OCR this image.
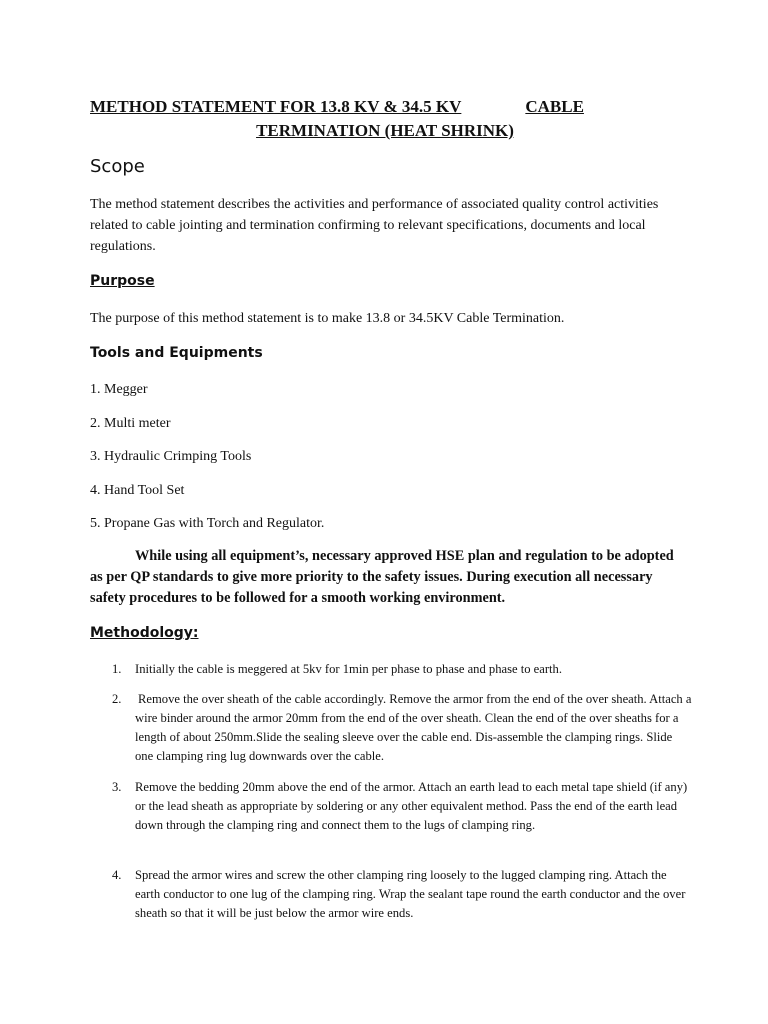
METHOD STATEMENT FOR 13.8 KV & 34.5 KV	CABLE
TERMINATION (HEAT SHRINK)
Scope

The method statement describes the activities and performance of associated quality control activities related to cable jointing and termination confirming to relevant specifications, documents and local regulations.

Purpose

The purpose of this method statement is to make 13.8 or 34.5KV Cable Termination.

Tools and Equipments
1. Megger
2. Multi meter
3. Hydraulic Crimping Tools
4. Hand Tool Set
5. Propane Gas with Torch and Regulator.

While using all equipment’s, necessary approved HSE plan and regulation to be adopted as per QP standards to give more priority to the safety issues. During execution all necessary safety procedures to be followed for a smooth working environment.

Methodology:
1.	Initially the cable is meggered at 5kv for 1min per phase to phase and phase to earth.
2.	Remove the over sheath of the cable accordingly. Remove the armor from the end of the over sheath. Attach a wire binder around the armor 20mm from the end of the over sheath. Clean the end of the over sheaths for a length of about 250mm.Slide the sealing sleeve over the cable end. Dis-assemble the clamping rings. Slide one clamping ring lug downwards over the cable.
3.	Remove the bedding 20mm above the end of the armor. Attach an earth lead to each metal tape shield (if any) or the lead sheath as appropriate by soldering or any other equivalent method. Pass the end of the earth lead down through the clamping ring and connect them to the lugs of clamping ring.
4.	Spread the armor wires and screw the other clamping ring loosely to the lugged clamping ring. Attach the earth conductor to one lug of the clamping ring. Wrap the sealant tape round the earth conductor and the over sheath so that it will be just below the armor wire ends.
